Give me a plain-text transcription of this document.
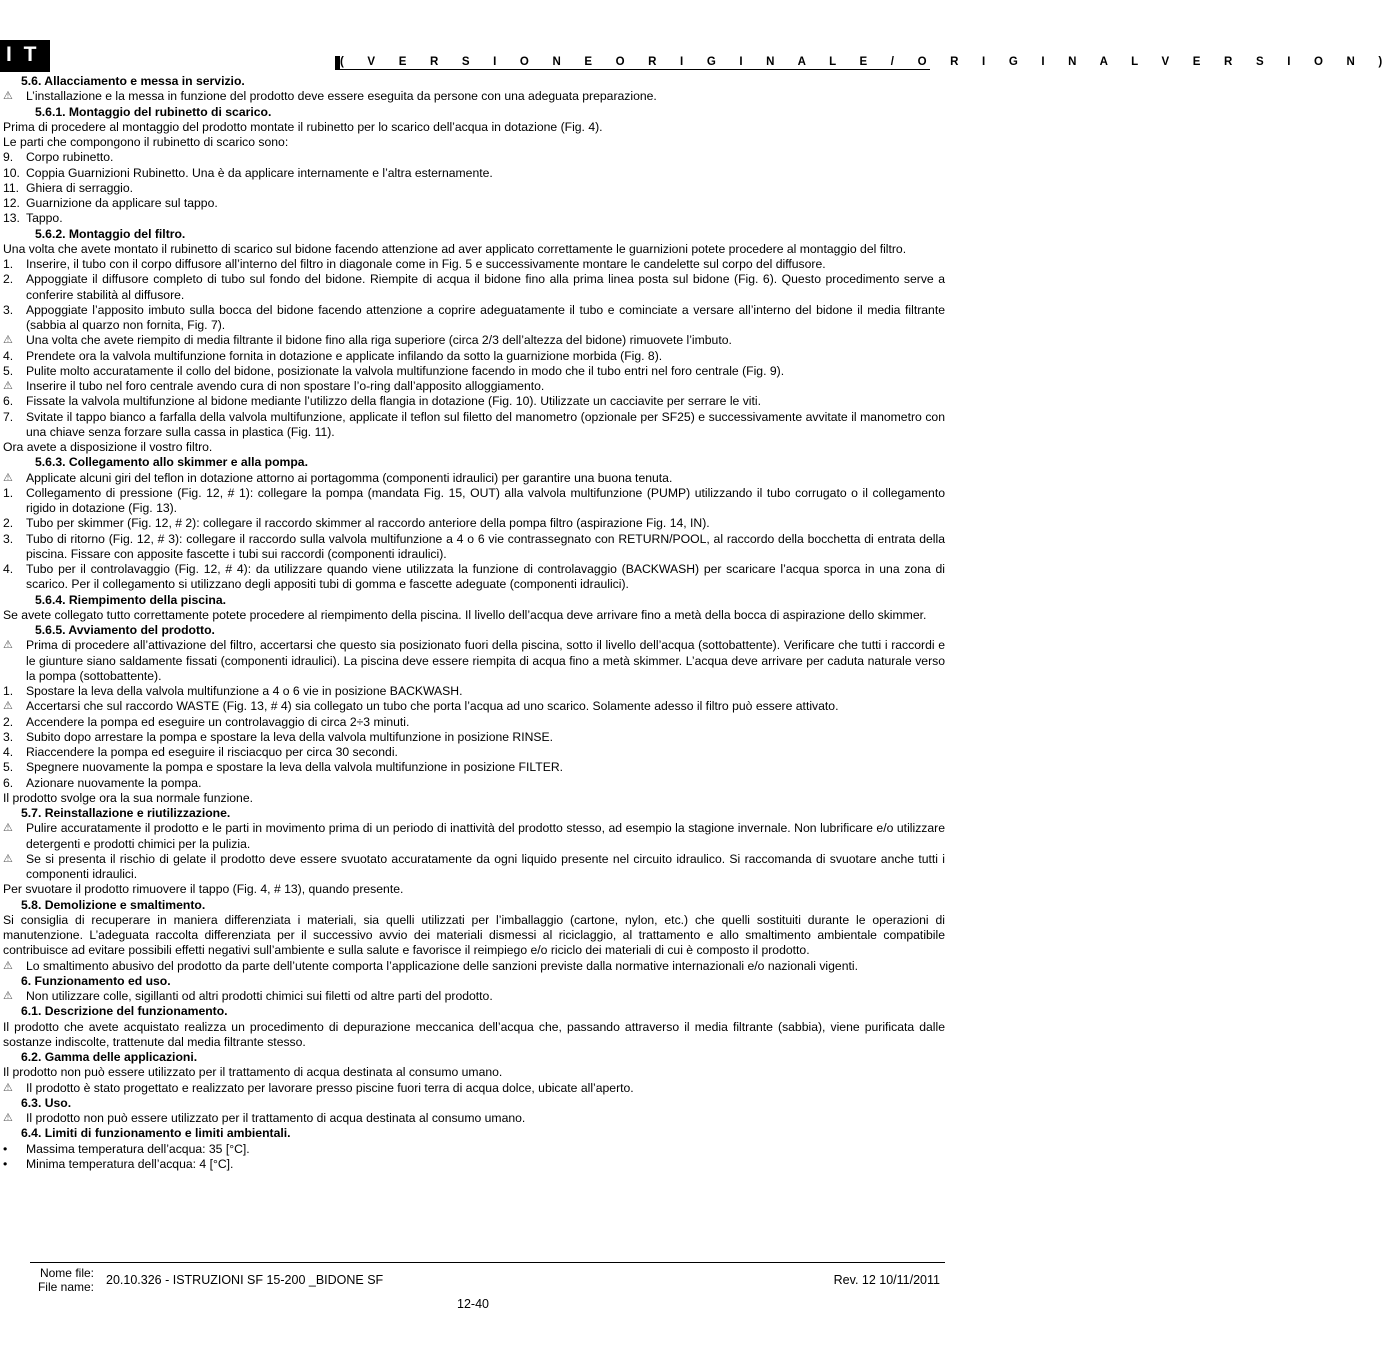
I T	( V E R S I O N E O R I G I N A L E / O R I G I N A L V E R S I O N )

5.6. Allacciamento e messa in servizio.

⚠	L’installazione e la messa in funzione del prodotto deve essere eseguita da persone con una adeguata preparazione.

5.6.1. Montaggio del rubinetto di scarico.

Prima di procedere al montaggio del prodotto montate il rubinetto per lo scarico dell’acqua in dotazione (Fig. 4).

Le parti che compongono il rubinetto di scarico sono:

9.	Corpo rubinetto.
10. Coppia Guarnizioni Rubinetto. Una è da applicare internamente e l’altra esternamente.
11. Ghiera di serraggio.
12. Guarnizione da applicare sul tappo.
13. Tappo.

5.6.2. Montaggio del filtro.

Una volta che avete montato il rubinetto di scarico sul bidone facendo attenzione ad aver applicato correttamente le guarnizioni potete procedere al montaggio del filtro.

1.	Inserire, il tubo con il corpo diffusore all’interno del filtro in diagonale come in Fig. 5 e successivamente montare le candelette sul corpo del diffusore.
2.	Appoggiate il diffusore completo di tubo sul fondo del bidone. Riempite di acqua il bidone fino alla prima linea posta sul bidone (Fig. 6). Questo procedimento serve a conferire stabilità al diffusore.
3.	Appoggiate l’apposito imbuto sulla bocca del bidone facendo attenzione a coprire adeguatamente il tubo e cominciate a versare all’interno del bidone il media filtrante (sabbia al quarzo non fornita, Fig. 7).
⚠	Una volta che avete riempito di media filtrante il bidone fino alla riga superiore (circa 2/3 dell’altezza del bidone) rimuovete l’imbuto.
4.	Prendete ora la valvola multifunzione fornita in dotazione e applicate infilando da sotto la guarnizione morbida (Fig. 8).
5.	Pulite molto accuratamente il collo del bidone, posizionate la valvola multifunzione facendo in modo che il tubo entri nel foro centrale (Fig. 9).
⚠	Inserire il tubo nel foro centrale avendo cura di non spostare l’o-ring dall’apposito alloggiamento.
6.	Fissate la valvola multifunzione al bidone mediante l’utilizzo della flangia in dotazione (Fig. 10). Utilizzate un cacciavite per serrare le viti.
7.	Svitate il tappo bianco a farfalla della valvola multifunzione, applicate il teflon sul filetto del manometro (opzionale per SF25) e successivamente avvitate il manometro con una chiave senza forzare sulla cassa in plastica (Fig. 11).

Ora avete a disposizione il vostro filtro.

5.6.3. Collegamento allo skimmer e alla pompa.

⚠	Applicate alcuni giri del teflon in dotazione attorno ai portagomma (componenti idraulici) per garantire una buona tenuta.
1.	Collegamento di pressione (Fig. 12, # 1): collegare la pompa (mandata Fig. 15, OUT) alla valvola multifunzione (PUMP) utilizzando il tubo corrugato o il collegamento rigido in dotazione (Fig. 13).
2.	Tubo per skimmer (Fig. 12, # 2): collegare il raccordo skimmer al raccordo anteriore della pompa filtro (aspirazione Fig. 14, IN).
3.	Tubo di ritorno (Fig. 12, # 3): collegare il raccordo sulla valvola multifunzione a 4 o 6 vie contrassegnato con RETURN/POOL, al raccordo della bocchetta di entrata della piscina. Fissare con apposite fascette i tubi sui raccordi (componenti idraulici).
4.	Tubo per il controlavaggio (Fig. 12, # 4): da utilizzare quando viene utilizzata la funzione di controlavaggio (BACKWASH) per scaricare l’acqua sporca in una zona di scarico. Per il collegamento si utilizzano degli appositi tubi di gomma e fascette adeguate (componenti idraulici).

5.6.4. Riempimento della piscina.

Se avete collegato tutto correttamente potete procedere al riempimento della piscina. Il livello dell’acqua deve arrivare fino a metà della bocca di aspirazione dello skimmer.

5.6.5. Avviamento del prodotto.

⚠	Prima di procedere all’attivazione del filtro, accertarsi che questo sia posizionato fuori della piscina, sotto il livello dell’acqua (sottobattente). Verificare che tutti i raccordi e le giunture siano saldamente fissati (componenti idraulici). La piscina deve essere riempita di acqua fino a metà skimmer. L’acqua deve arrivare per caduta naturale verso la pompa (sottobattente).
1.	Spostare la leva della valvola multifunzione a 4 o 6 vie in posizione BACKWASH.
⚠	Accertarsi che sul raccordo WASTE (Fig. 13, # 4) sia collegato un tubo che porta l’acqua ad uno scarico. Solamente adesso il filtro può essere attivato.
2.	Accendere la pompa ed eseguire un controlavaggio di circa 2÷3 minuti.
3.	Subito dopo arrestare la pompa e spostare la leva della valvola multifunzione in posizione RINSE.
4.	Riaccendere la pompa ed eseguire il risciacquo per circa 30 secondi.
5.	Spegnere nuovamente la pompa e spostare la leva della valvola multifunzione in posizione FILTER.
6.	Azionare nuovamente la pompa.

Il prodotto svolge ora la sua normale funzione.

5.7. Reinstallazione e riutilizzazione.

⚠	Pulire accuratamente il prodotto e le parti in movimento prima di un periodo di inattività del prodotto stesso, ad esempio la stagione invernale. Non lubrificare e/o utilizzare detergenti e prodotti chimici per la pulizia.
⚠	Se si presenta il rischio di gelate il prodotto deve essere svuotato accuratamente da ogni liquido presente nel circuito idraulico. Si raccomanda di svuotare anche tutti i componenti idraulici.

Per svuotare il prodotto rimuovere il tappo (Fig. 4, # 13), quando presente.

5.8. Demolizione e smaltimento.

Si consiglia di recuperare in maniera differenziata i materiali, sia quelli utilizzati per l’imballaggio (cartone, nylon, etc.) che quelli sostituiti durante le operazioni di manutenzione. L’adeguata raccolta differenziata per il successivo avvio dei materiali dismessi al riciclaggio, al trattamento e allo smaltimento ambientale compatibile contribuisce ad evitare possibili effetti negativi sull’ambiente e sulla salute e favorisce il reimpiego e/o riciclo dei materiali di cui è composto il prodotto.

⚠	Lo smaltimento abusivo del prodotto da parte dell’utente comporta l’applicazione delle sanzioni previste dalla normative internazionali e/o nazionali vigenti.

6. Funzionamento ed uso.

⚠	Non utilizzare colle, sigillanti od altri prodotti chimici sui filetti od altre parti del prodotto.

6.1. Descrizione del funzionamento.

Il prodotto che avete acquistato realizza un procedimento di depurazione meccanica dell’acqua che, passando attraverso il media filtrante (sabbia), viene purificata dalle sostanze indiscolte, trattenute dal media filtrante stesso.

6.2. Gamma delle applicazioni.

Il prodotto non può essere utilizzato per il trattamento di acqua destinata al consumo umano.

⚠	Il prodotto è stato progettato e realizzato per lavorare presso piscine fuori terra di acqua dolce, ubicate all’aperto.

6.3. Uso.

⚠	Il prodotto non può essere utilizzato per il trattamento di acqua destinata al consumo umano.

6.4. Limiti di funzionamento e limiti ambientali.

•	Massima temperatura dell’acqua: 35 [°C].
•	Minima temperatura dell’acqua: 4 [°C].
Nome file:
File name: 20.10.326 - ISTRUZIONI SF 15-200 _BIDONE SF	Rev. 12 10/11/2011
12-40
